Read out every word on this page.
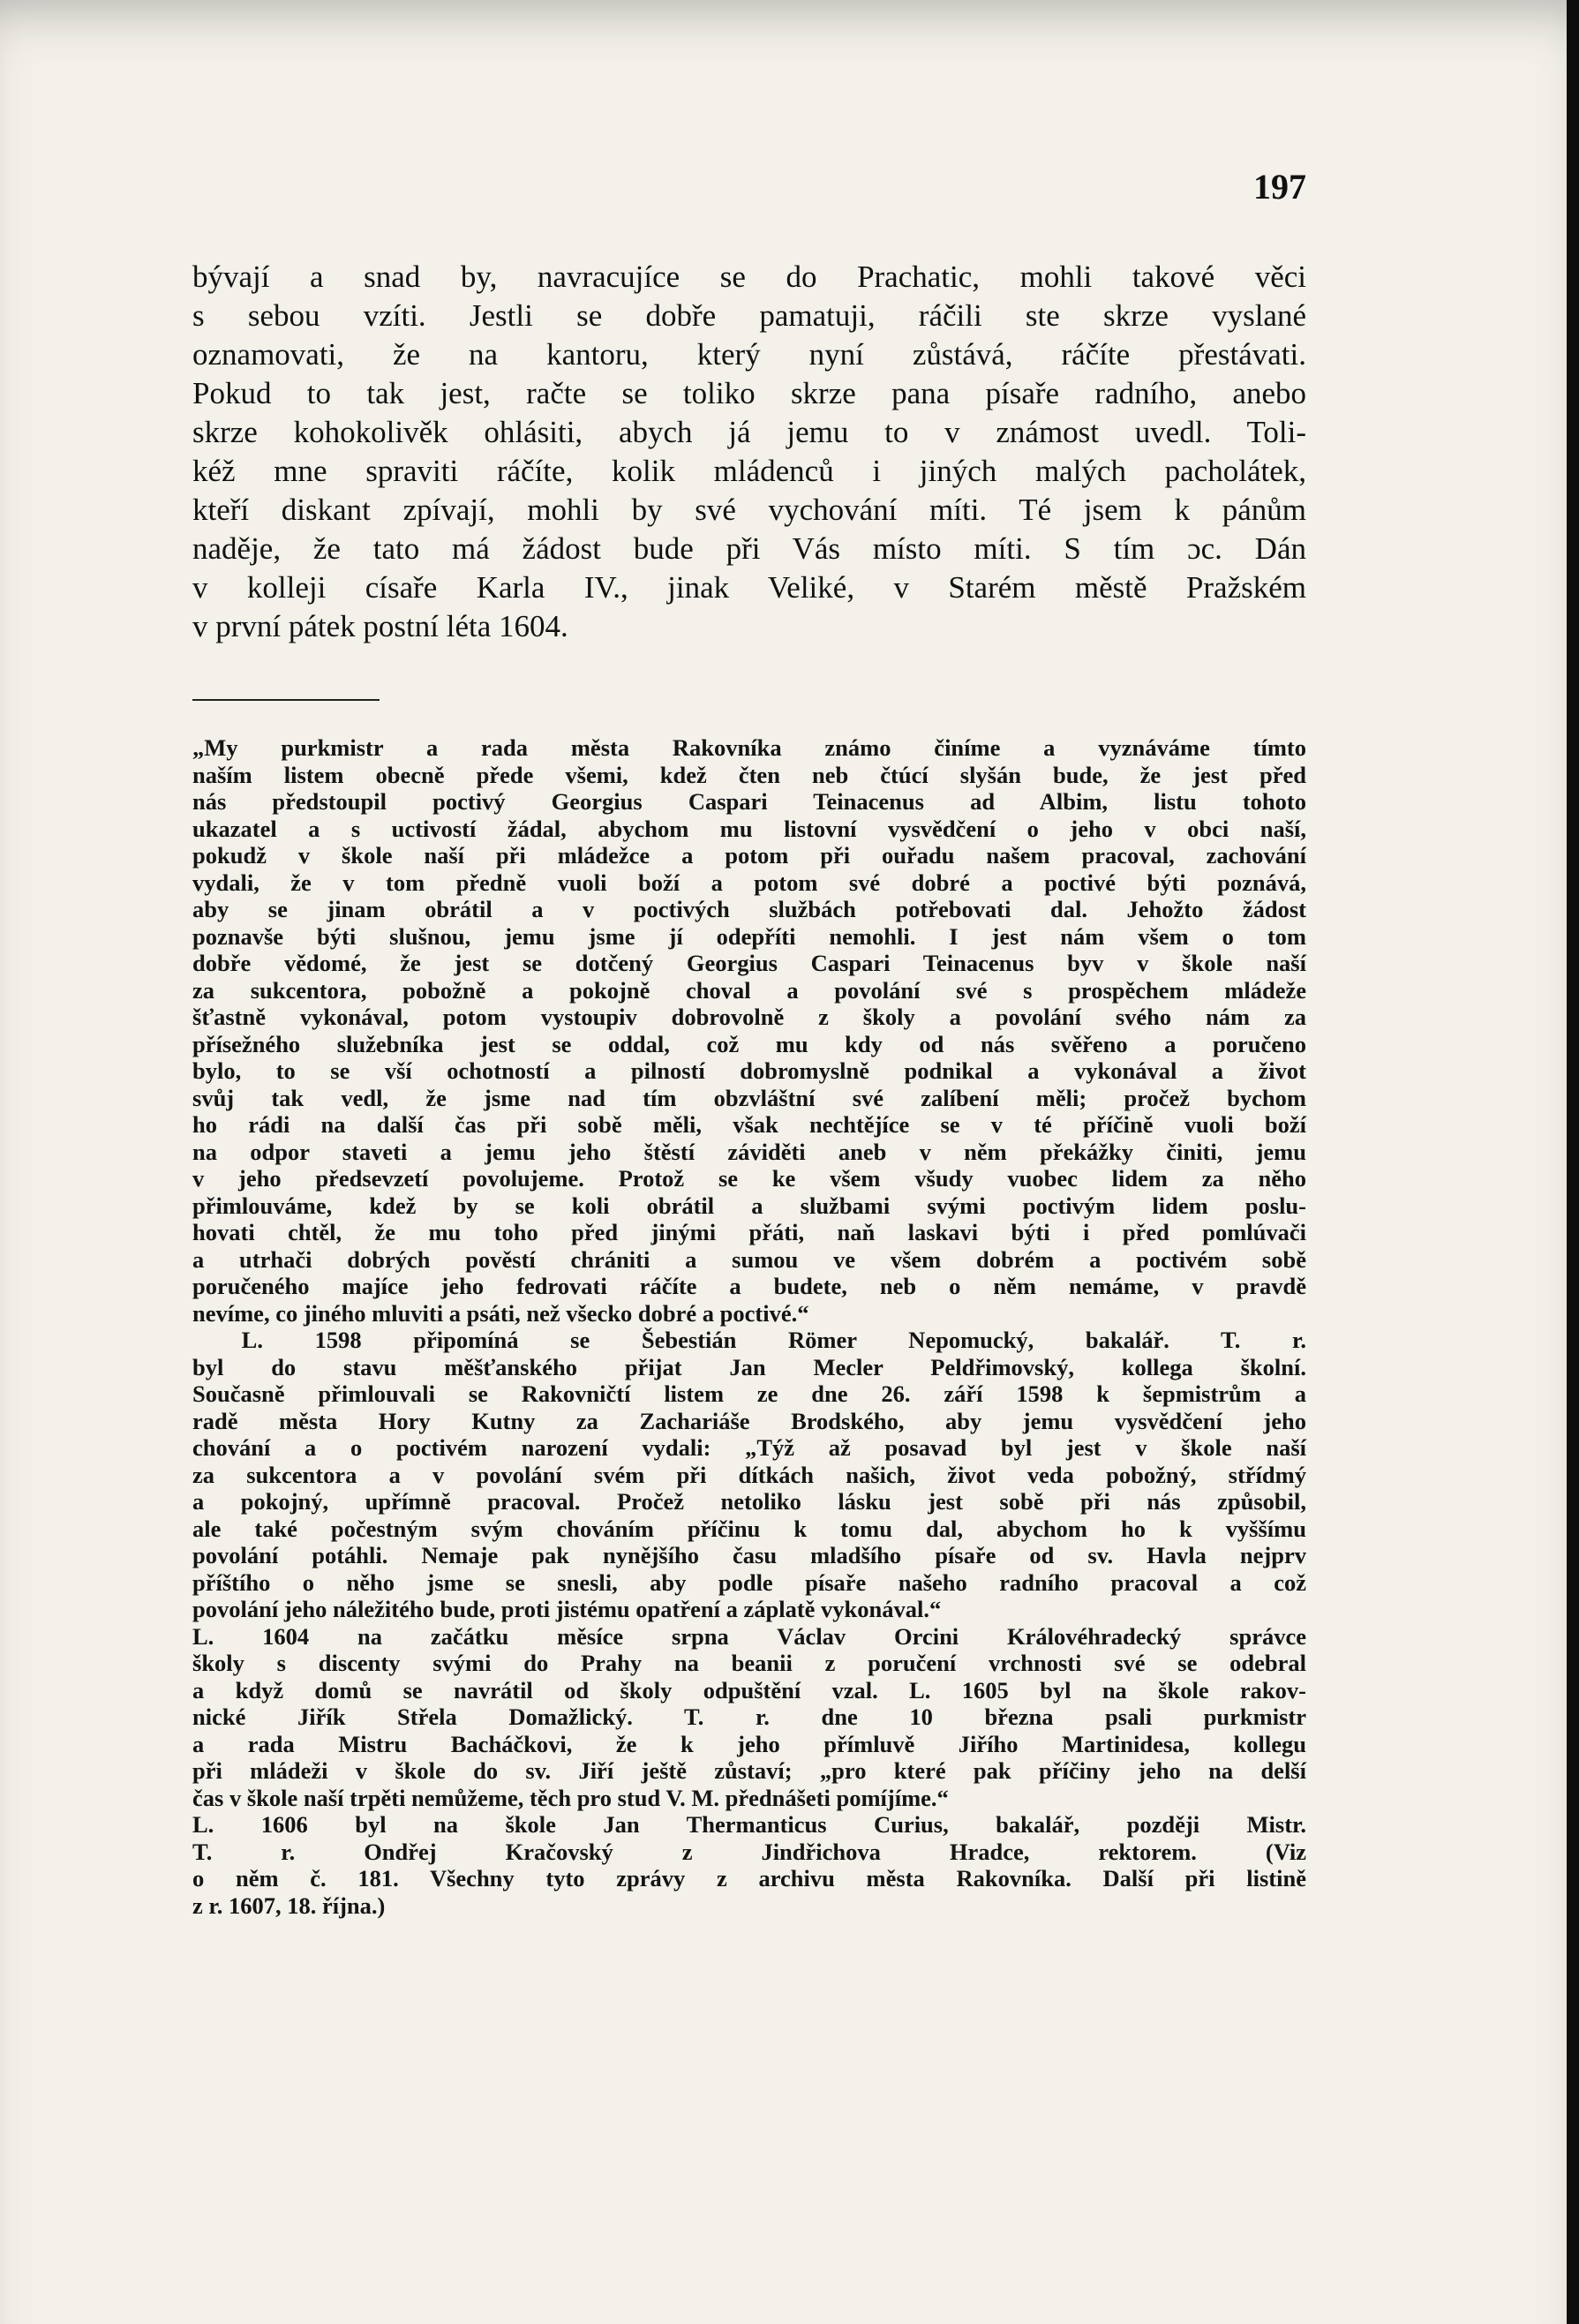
197
bývají a snad by, navracujíce se do Prachatic, mohli takové věci
s sebou vzíti. Jestli se dobře pamatuji, ráčili ste skrze vyslané
oznamovati, že na kantoru, který nyní zůstává, ráčíte přestávati.
Pokud to tak jest, račte se toliko skrze pana písaře radního, anebo
skrze kohokolivěk ohlásiti, abych já jemu to v známost uvedl. Toli-
kéž mne spraviti ráčíte, kolik mládenců i jiných malých pacholátek,
kteří diskant zpívají, mohli by své vychování míti. Té jsem k pánům
naděje, že tato má žádost bude při Vás místo míti. S tím ɔc. Dán
v kolleji císaře Karla IV., jinak Veliké, v Starém městě Pražském
v první pátek postní léta 1604.
„My purkmistr a rada města Rakovníka známo činíme a vyznáváme tímto
naším listem obecně přede všemi, kdež čten neb čtúcí slyšán bude, že jest před
nás předstoupil poctivý Georgius Caspari Teinacenus ad Albim, listu tohoto
ukazatel a s uctivostí žádal, abychom mu listovní vysvědčení o jeho v obci naší,
pokudž v škole naší při mládežce a potom při ouřadu našem pracoval, zachování
vydali, že v tom předně vuoli boží a potom své dobré a poctivé býti poznává,
aby se jinam obrátil a v poctivých službách potřebovati dal. Jehožto žádost
poznavše býti slušnou, jemu jsme jí odepříti nemohli. I jest nám všem o tom
dobře vědomé, že jest se dotčený Georgius Caspari Teinacenus byv v škole naší
za sukcentora, pobožně a pokojně choval a povolání své s prospěchem mládeže
šťastně vykonával, potom vystoupiv dobrovolně z školy a povolání svého nám za
přísežného služebníka jest se oddal, což mu kdy od nás svěřeno a poručeno
bylo, to se vší ochotností a pilností dobromyslně podnikal a vykonával a život
svůj tak vedl, že jsme nad tím obzvláštní své zalíbení měli; pročež bychom
ho rádi na další čas při sobě měli, však nechtějíce se v té příčině vuoli boží
na odpor staveti a jemu jeho štěstí záviděti aneb v něm překážky činiti, jemu
v jeho předsevzetí povolujeme. Protož se ke všem všudy vuobec lidem za něho
přimlouváme, kdež by se koli obrátil a službami svými poctivým lidem poslu-
hovati chtěl, že mu toho před jinými přáti, naň laskavi býti i před pomlúvači
a utrhači dobrých pověstí chrániti a sumou ve všem dobrém a poctivém sobě
poručeného majíce jeho fedrovati ráčíte a budete, neb o něm nemáme, v pravdě
nevíme, co jiného mluviti a psáti, než všecko dobré a poctivé.“
L. 1598 připomíná se Šebestián Römer Nepomucký, bakalář. T. r.
byl do stavu měšťanského přijat Jan Mecler Peldřimovský, kollega školní.
Současně přimlouvali se Rakovničtí listem ze dne 26. září 1598 k šepmistrům a
radě města Hory Kutny za Zachariáše Brodského, aby jemu vysvědčení jeho
chování a o poctivém narození vydali: „Týž až posavad byl jest v škole naší
za sukcentora a v povolání svém při dítkách našich, život veda pobožný, střídmý
a pokojný, upřímně pracoval. Pročež netoliko lásku jest sobě při nás způsobil,
ale také počestným svým chováním příčinu k tomu dal, abychom ho k vyššímu
povolání potáhli. Nemaje pak nynějšího času mladšího písaře od sv. Havla nejprv
příštího o něho jsme se snesli, aby podle písaře našeho radního pracoval a což
povolání jeho náležitého bude, proti jistému opatření a záplatě vykonával.“
L. 1604 na začátku měsíce srpna Václav Orcini Královéhradecký správce
školy s discenty svými do Prahy na beanii z poručení vrchnosti své se odebral
a když domů se navrátil od školy odpuštění vzal. L. 1605 byl na škole rakov-
nické Jiřík Střela Domažlický. T. r. dne 10 března psali purkmistr
a rada Mistru Bacháčkovi, že k jeho přímluvě Jiřího Martinidesa, kollegu
při mládeži v škole do sv. Jiří ještě zůstaví; „pro které pak příčiny jeho na delší
čas v škole naší trpěti nemůžeme, těch pro stud V. M. přednášeti pomíjíme.“
L. 1606 byl na škole Jan Thermanticus Curius, bakalář, později Mistr.
T. r. Ondřej Kračovský z Jindřichova Hradce, rektorem. (Viz
o něm č. 181. Všechny tyto zprávy z archivu města Rakovníka. Další při listině
z r. 1607, 18. října.)
